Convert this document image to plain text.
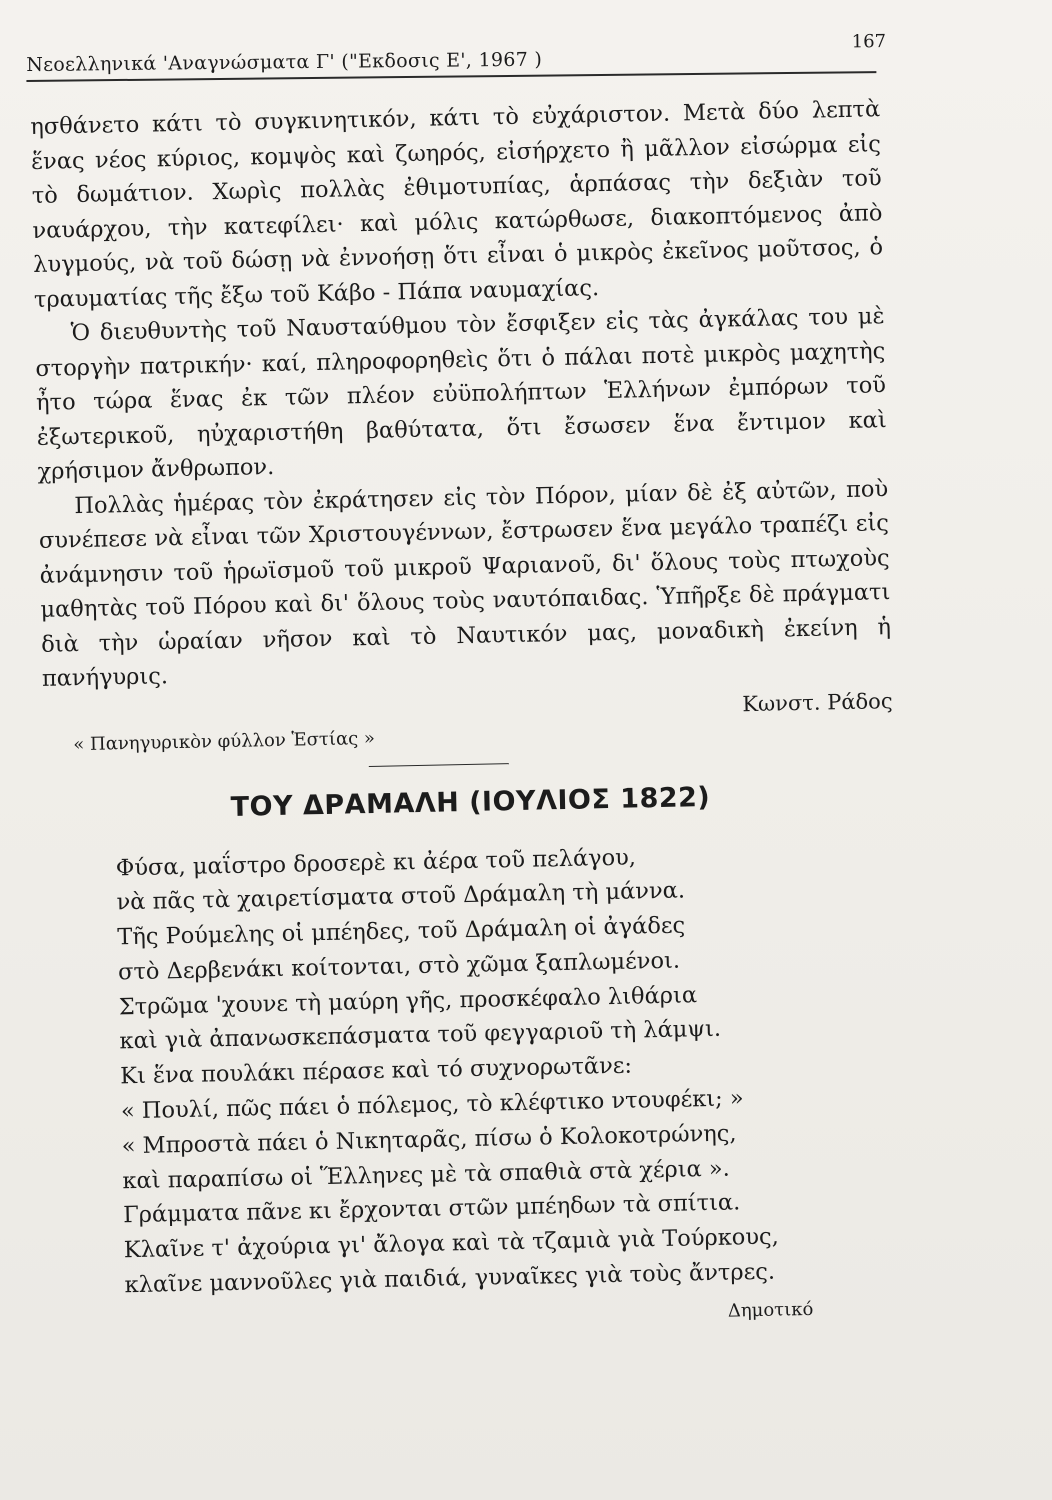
Νεοελληνικά 'Αναγνώσματα Γ' ("Εκδοσις Ε', 1967 )
167

ησθάνετο κάτι τὸ συγκινητικόν, κάτι τὸ εὐχάριστον. Μετὰ δύο λεπτὰ ἕνας νέος κύριος, κομψὸς καὶ ζωηρός, εἰσήρχετο ἢ μᾶλλον εἰσώρμα εἰς τὸ δωμάτιον. Χωρὶς πολλὰς ἐθιμοτυπίας, ἁρπάσας τὴν δεξιὰν τοῦ ναυάρχου, τὴν κατεφίλει· καὶ μόλις κατώρθωσε, διακοπτόμενος ἀπὸ λυγμούς, νὰ τοῦ δώσῃ νὰ ἐννοήσῃ ὅτι εἶναι ὁ μικρὸς ἐκεῖνος μοῦτσος, ὁ τραυματίας τῆς ἔξω τοῦ Κάβο - Πάπα ναυμαχίας.

Ὁ διευθυντὴς τοῦ Ναυσταύθμου τὸν ἔσφιξεν εἰς τὰς ἀγκάλας του μὲ στοργὴν πατρικήν· καί, πληροφορηθεὶς ὅτι ὁ πάλαι ποτὲ μικρὸς μαχητὴς ἦτο τώρα ἕνας ἐκ τῶν πλέον εὐϋπολήπτων Ἑλλήνων ἐμπόρων τοῦ ἐξωτερικοῦ, ηὐχαριστήθη βαθύτατα, ὅτι ἔσωσεν ἕνα ἔντιμον καὶ χρήσιμον ἄνθρωπον.

Πολλὰς ἡμέρας τὸν ἐκράτησεν εἰς τὸν Πόρον, μίαν δὲ ἐξ αὐτῶν, ποὺ συνέπεσε νὰ εἶναι τῶν Χριστουγέννων, ἔστρωσεν ἕνα μεγάλο τραπέζι εἰς ἀνάμνησιν τοῦ ἡρωϊσμοῦ τοῦ μικροῦ Ψαριανοῦ, δι' ὅλους τοὺς πτωχοὺς μαθητὰς τοῦ Πόρου καὶ δι' ὅλους τοὺς ναυτόπαιδας. Ὑπῆρξε δὲ πράγματι διὰ τὴν ὡραίαν νῆσον καὶ τὸ Ναυτικόν μας, μοναδικὴ ἐκείνη ἡ πανήγυρις.

Κωνστ. Ράδος
« Πανηγυρικὸν φύλλον Ἑστίας »
ΤΟΥ ΔΡΑΜΑΛΗ (ΙΟΥΛΙΟΣ 1822)
Φύσα, μαΐστρο δροσερὲ κι ἀέρα τοῦ πελάγου,
νὰ πᾶς τὰ χαιρετίσματα στοῦ Δράμαλη τὴ μάννα.
Τῆς Ρούμελης οἱ μπέηδες, τοῦ Δράμαλη οἱ ἀγάδες
στὸ Δερβενάκι κοίτονται, στὸ χῶμα ξαπλωμένοι.
Στρῶμα 'χουνε τὴ μαύρη γῆς, προσκέφαλο λιθάρια
καὶ γιὰ ἀπανωσκεπάσματα τοῦ φεγγαριοῦ τὴ λάμψι.
Κι ἕνα πουλάκι πέρασε καὶ τό συχνορωτᾶνε:
« Πουλί, πῶς πάει ὁ πόλεμος, τὸ κλέφτικο ντουφέκι; »
« Μπροστὰ πάει ὁ Νικηταρᾶς, πίσω ὁ Κολοκοτρώνης,
καὶ παραπίσω οἱ Ἕλληνες μὲ τὰ σπαθιὰ στὰ χέρια ».
Γράμματα πᾶνε κι ἔρχονται στῶν μπέηδων τὰ σπίτια.
Κλαῖνε τ' ἀχούρια γι' ἄλογα καὶ τὰ τζαμιὰ γιὰ Τούρκους,
κλαῖνε μαννοῦλες γιὰ παιδιά, γυναῖκες γιὰ τοὺς ἄντρες.
Δημοτικό
